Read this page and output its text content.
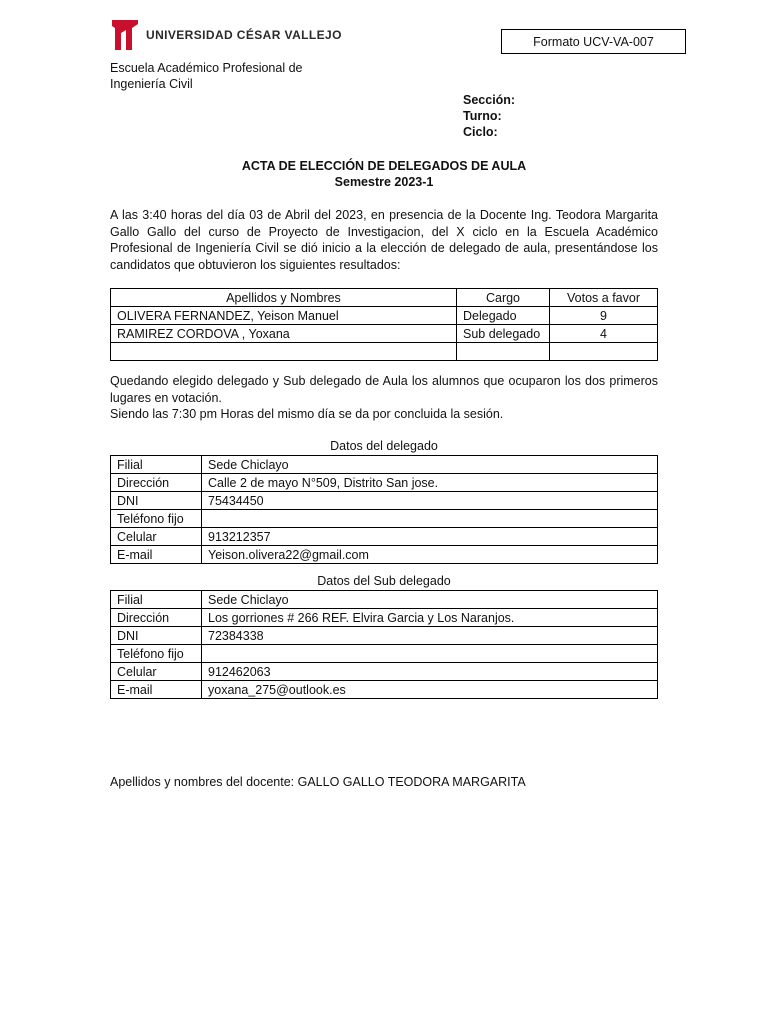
UNIVERSIDAD CÉSAR VALLEJO	Formato UCV-VA-007
Escuela Académico Profesional de
Ingeniería Civil
Sección:
Turno:
Ciclo:
ACTA DE ELECCIÓN DE DELEGADOS DE AULA
Semestre 2023-1
A las 3:40 horas del día 03 de Abril del 2023, en presencia de la Docente Ing. Teodora Margarita Gallo Gallo del curso de Proyecto de Investigacion, del X ciclo en la Escuela Académico Profesional de Ingeniería Civil se dió inicio a la elección de delegado de aula, presentándose los candidatos que obtuvieron los siguientes resultados:
Apellidos y Nombres	Cargo	Votos a favor
OLIVERA FERNANDEZ, Yeison Manuel	Delegado	9
RAMIREZ CORDOVA , Yoxana	Sub delegado	4

Quedando elegido delegado y Sub delegado de Aula los alumnos que ocuparon los dos primeros lugares en votación.
Siendo las 7:30 pm Horas del mismo día se da por concluida la sesión.
Datos del delegado
Filial	Sede Chiclayo
Dirección	Calle 2 de mayo N°509, Distrito San jose.
DNI	75434450
Teléfono fijo	
Celular	913212357
E-mail	Yeison.olivera22@gmail.com
Datos del Sub delegado
Filial	Sede Chiclayo
Dirección	Los gorriones # 266 REF. Elvira Garcia y Los Naranjos.
DNI	72384338
Teléfono fijo	
Celular	912462063
E-mail	yoxana_275@outlook.es
Apellidos y nombres del docente: GALLO GALLO TEODORA MARGARITA
